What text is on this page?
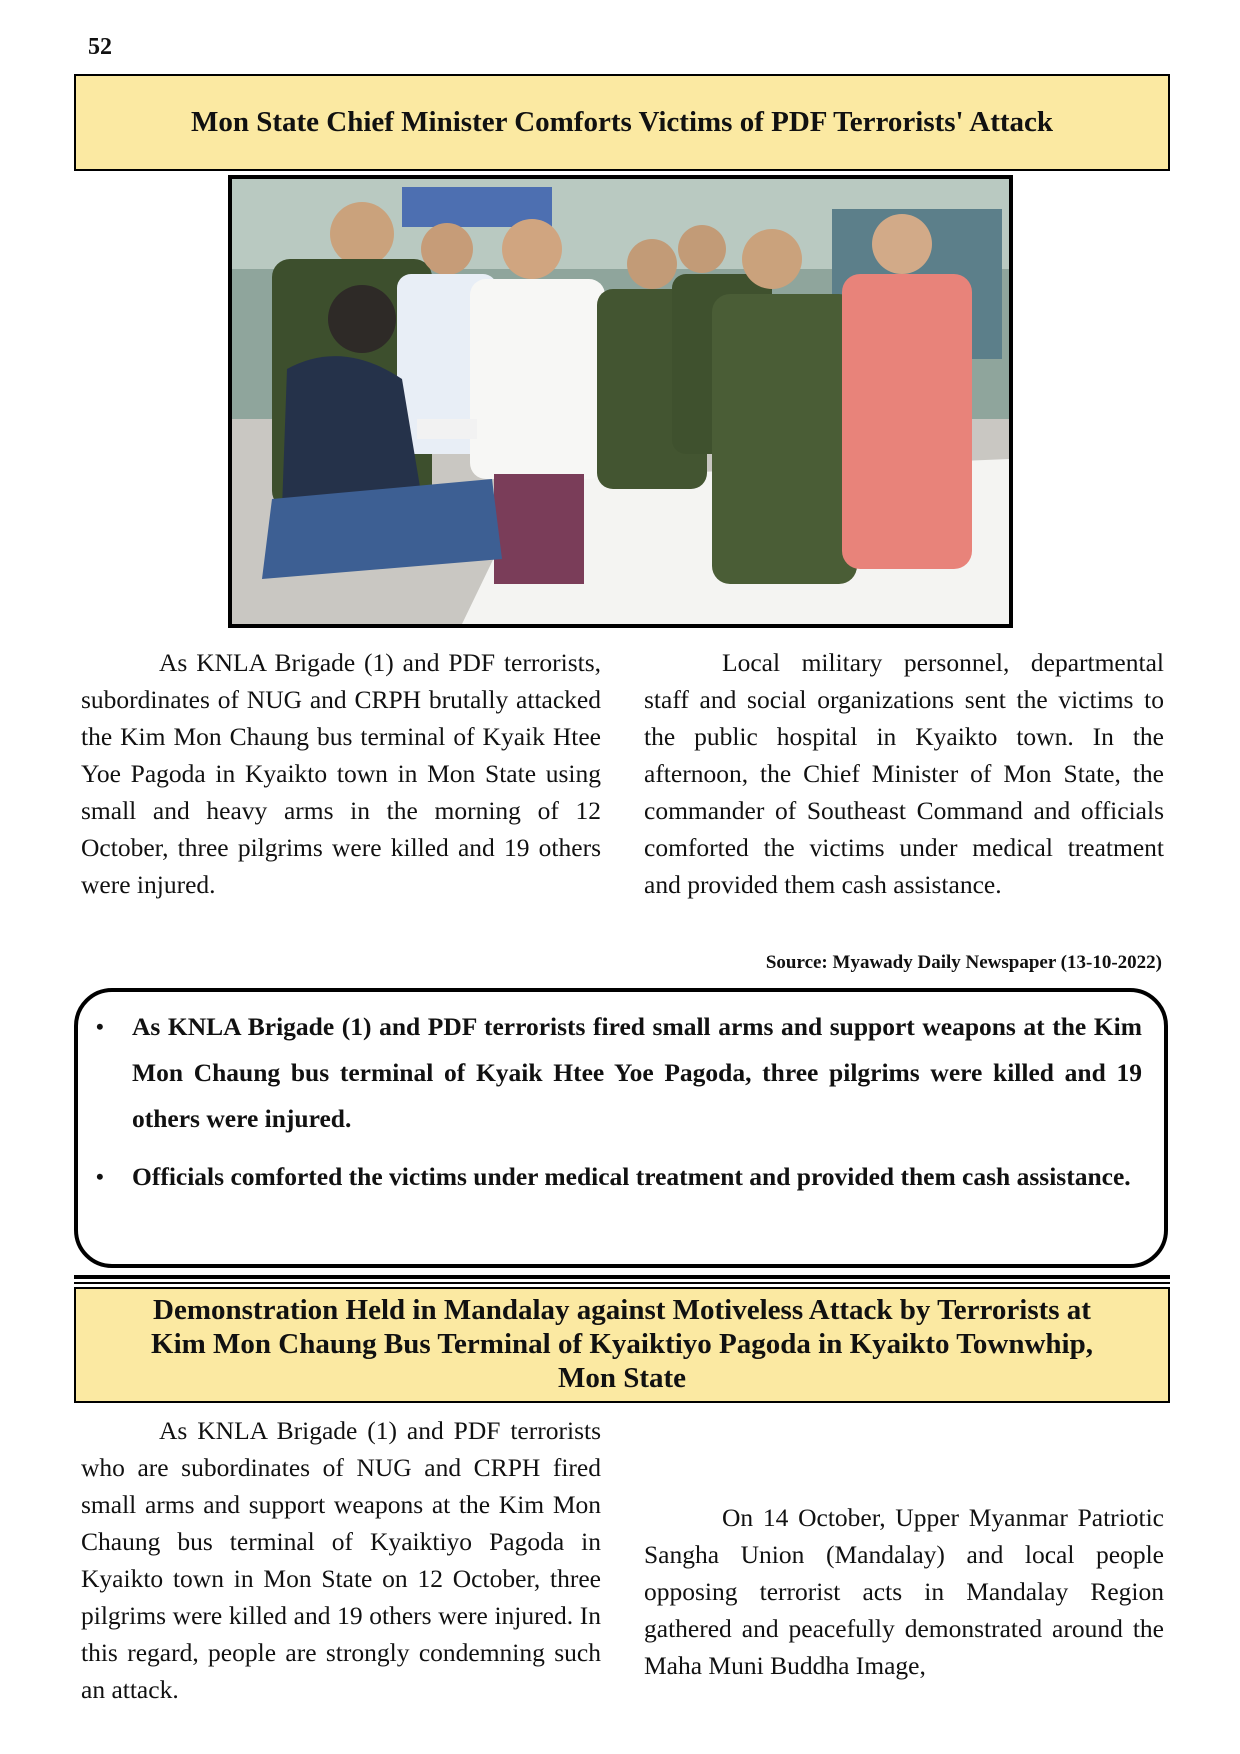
52
Mon State Chief Minister Comforts Victims of PDF Terrorists' Attack

As KNLA Brigade (1) and PDF terrorists, subordinates of NUG and CRPH brutally attacked the Kim Mon Chaung bus terminal of Kyaik Htee Yoe Pagoda in Kyaikto town in Mon State using small and heavy arms in the morning of 12 October, three pilgrims were killed and 19 others were injured.

Local military personnel, departmental staff and social organizations sent the victims to the public hospital in Kyaikto town. In the afternoon, the Chief Minister of Mon State, the commander of Southeast Command and officials comforted the victims under medical treatment and provided them cash assistance.

Source: Myawady Daily Newspaper (13-10-2022)
• As KNLA Brigade (1) and PDF terrorists fired small arms and support weapons at the Kim Mon Chaung bus terminal of Kyaik Htee Yoe Pagoda, three pilgrims were killed and 19 others were injured.
• Officials comforted the victims under medical treatment and provided them cash assistance.
Demonstration Held in Mandalay against Motiveless Attack by Terrorists at
Kim Mon Chaung Bus Terminal of Kyaiktiyo Pagoda in Kyaikto Townwhip,
Mon State

As KNLA Brigade (1) and PDF terrorists who are subordinates of NUG and CRPH fired small arms and support weapons at the Kim Mon Chaung bus terminal of Kyaiktiyo Pagoda in Kyaikto town in Mon State on 12 October, three pilgrims were killed and 19 others were injured. In this regard, people are strongly condemning such an attack.

On 14 October, Upper Myanmar Patriotic Sangha Union (Mandalay) and local people opposing terrorist acts in Mandalay Region gathered and peacefully demonstrated around the Maha Muni Buddha Image,
